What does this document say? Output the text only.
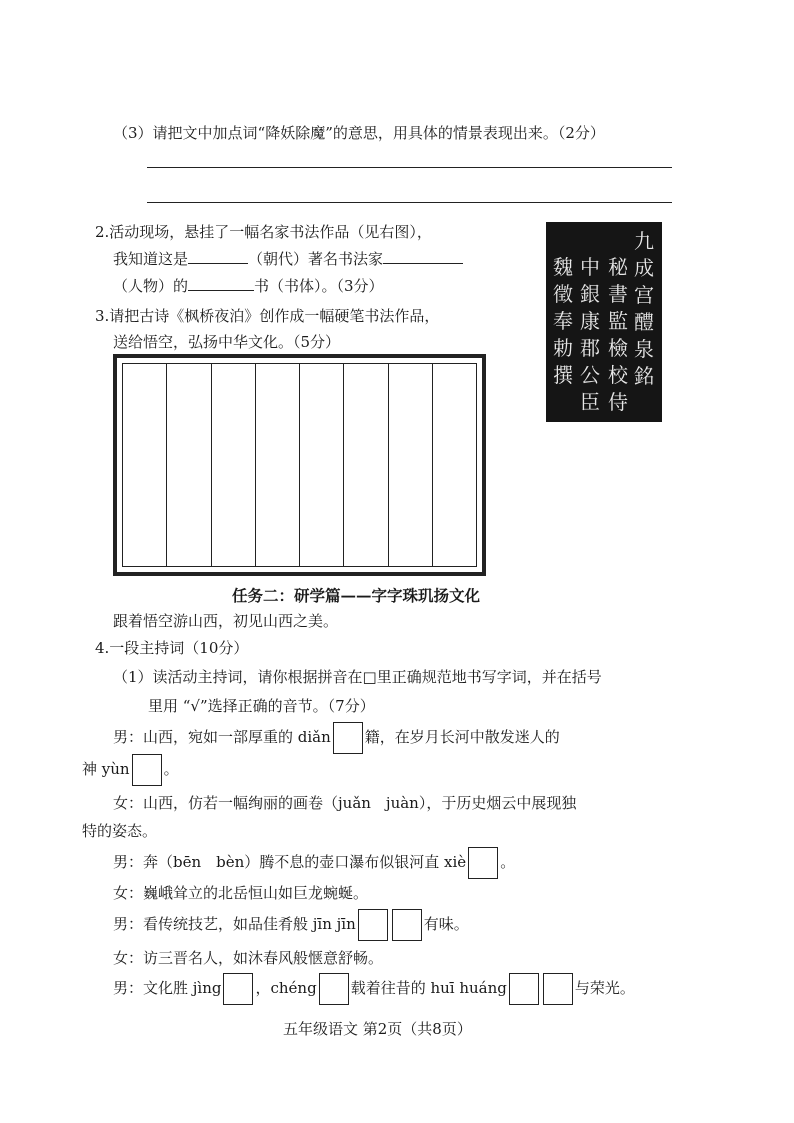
（3）请把文中加点词“降妖除魔”的意思，用具体的情景表现出来。（2分）
2.活动现场，悬挂了一幅名家书法作品（见右图），
我知道这是	（朝代）著名书法家
（人物）的	书（书体）。（3分）
九
成
宫
醴
泉
銘
秘
書
監
檢
校
侍
中
銀
康
郡
公
臣
魏
徵
奉
勅
撰
3.请把古诗《枫桥夜泊》创作成一幅硬笔书法作品，
送给悟空，弘扬中华文化。（5分）
任务二：研学篇——字字珠玑扬文化
跟着悟空游山西，初见山西之美。
4.一段主持词（10分）
（1）读活动主持词，请你根据拼音在□里正确规范地书写字词，并在括号
里用 “√”选择正确的音节。（7分）
男：山西，宛如一部厚重的 diǎn 籍，在岁月长河中散发迷人的
神 yùn 。
女：山西，仿若一幅绚丽的画卷（juǎn　juàn），于历史烟云中展现独
特的姿态。
男：奔（bēn　bèn）腾不息的壶口瀑布似银河直 xiè 。
女：巍峨耸立的北岳恒山如巨龙蜿蜒。
男：看传统技艺，如品佳肴般 jīn jīn	有味。
女：访三晋名人，如沐春风般惬意舒畅。
男：文化胜 jìng ，chéng 载着往昔的 huī huáng	与荣光。
五年级语文 第2页（共8页）
